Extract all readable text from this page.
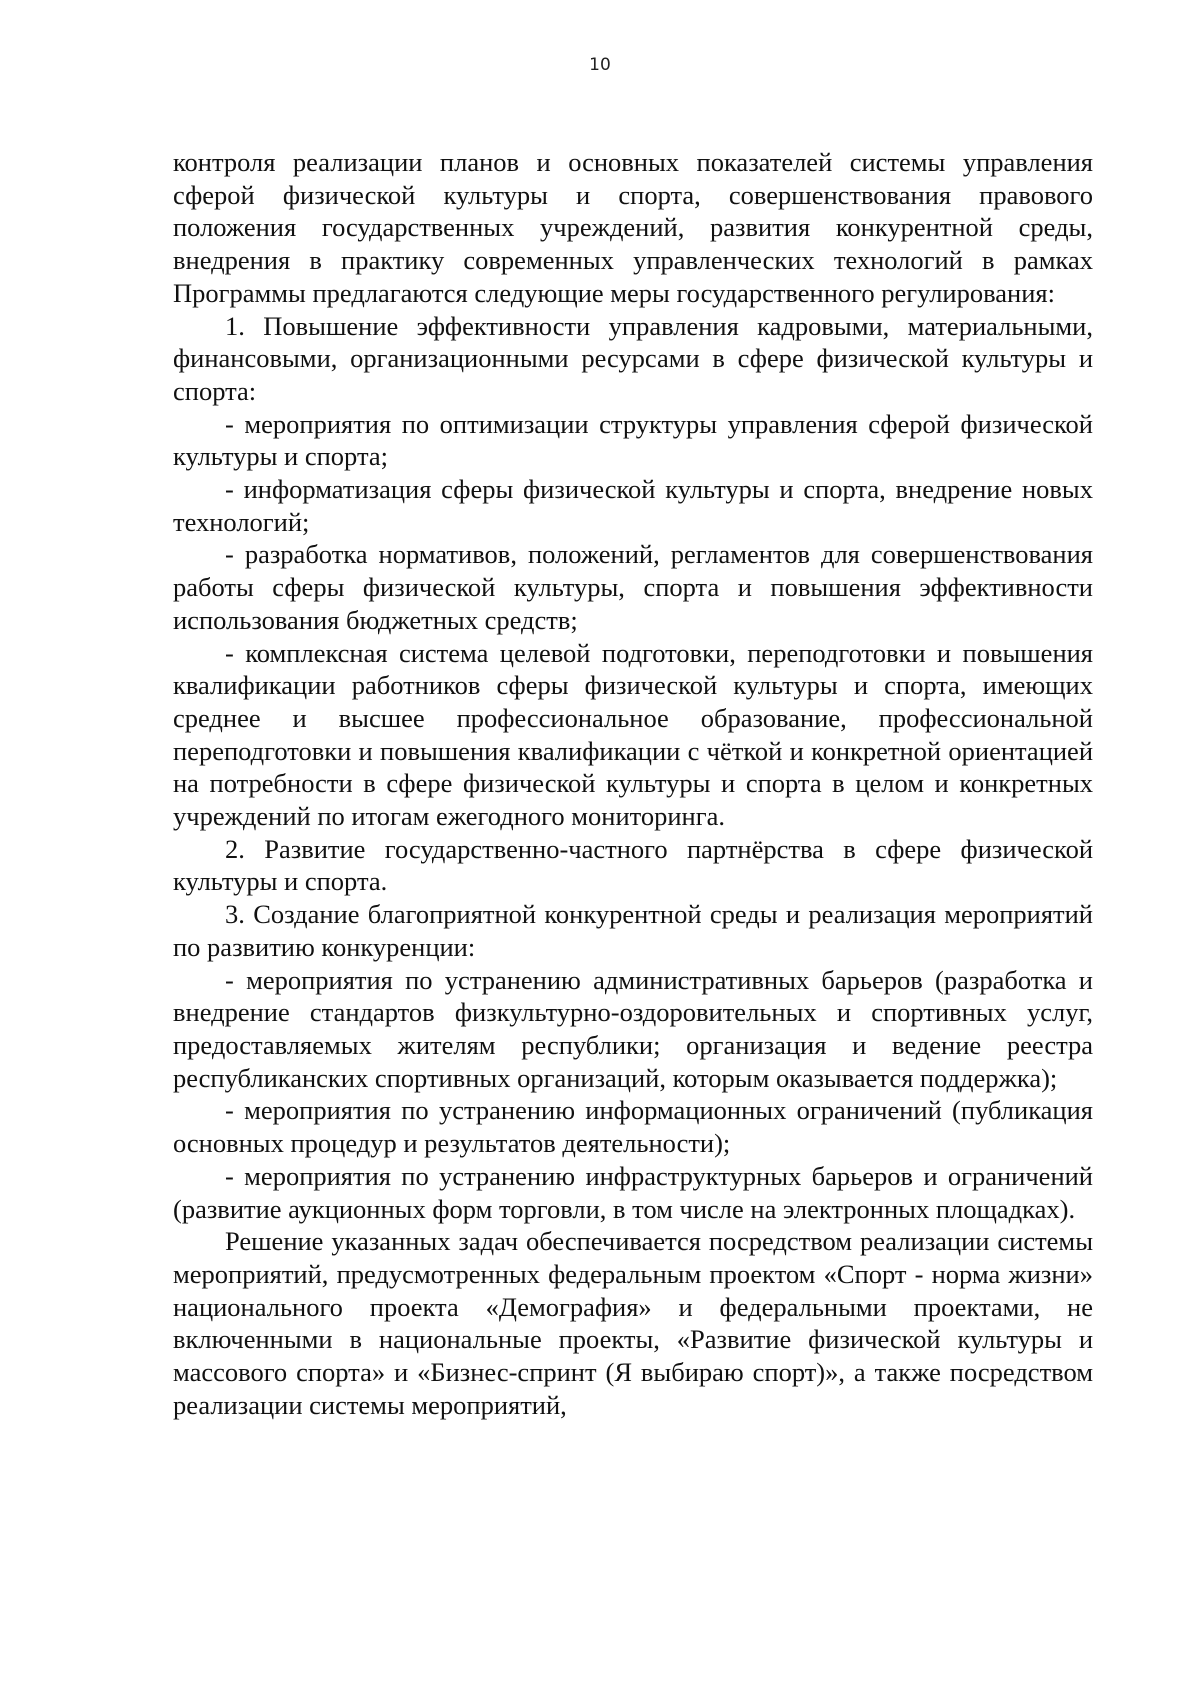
10

контроля реализации планов и основных показателей системы управления сферой физической культуры и спорта, совершенствования правового положения государственных учреждений, развития конкурентной среды, внедрения в практику современных управленческих технологий в рамках Программы предлагаются следующие меры государственного регулирования:

1. Повышение эффективности управления кадровыми, материальными, финансовыми, организационными ресурсами в сфере физической культуры и спорта:

- мероприятия по оптимизации структуры управления сферой физической культуры и спорта;

- информатизация сферы физической культуры и спорта, внедрение новых технологий;

- разработка нормативов, положений, регламентов для совершенствования работы сферы физической культуры, спорта и повышения эффективности использования бюджетных средств;

- комплексная система целевой подготовки, переподготовки и повышения квалификации работников сферы физической культуры и спорта, имеющих среднее и высшее профессиональное образование, профессиональной переподготовки и повышения квалификации с чёткой и конкретной ориентацией на потребности в сфере физической культуры и спорта в целом и конкретных учреждений по итогам ежегодного мониторинга.

2. Развитие государственно-частного партнёрства в сфере физической культуры и спорта.

3. Создание благоприятной конкурентной среды и реализация мероприятий по развитию конкуренции:

- мероприятия по устранению административных барьеров (разработка и внедрение стандартов физкультурно-оздоровительных и спортивных услуг, предоставляемых жителям республики; организация и ведение реестра республиканских спортивных организаций, которым оказывается поддержка);

- мероприятия по устранению информационных ограничений (публикация основных процедур и результатов деятельности);

- мероприятия по устранению инфраструктурных барьеров и ограничений (развитие аукционных форм торговли, в том числе на электронных площадках).

Решение указанных задач обеспечивается посредством реализации системы мероприятий, предусмотренных федеральным проектом «Спорт - норма жизни» национального проекта «Демография» и федеральными проектами, не включенными в национальные проекты, «Развитие физической культуры и массового спорта» и «Бизнес-спринт (Я выбираю спорт)», а также посредством реализации системы мероприятий,
